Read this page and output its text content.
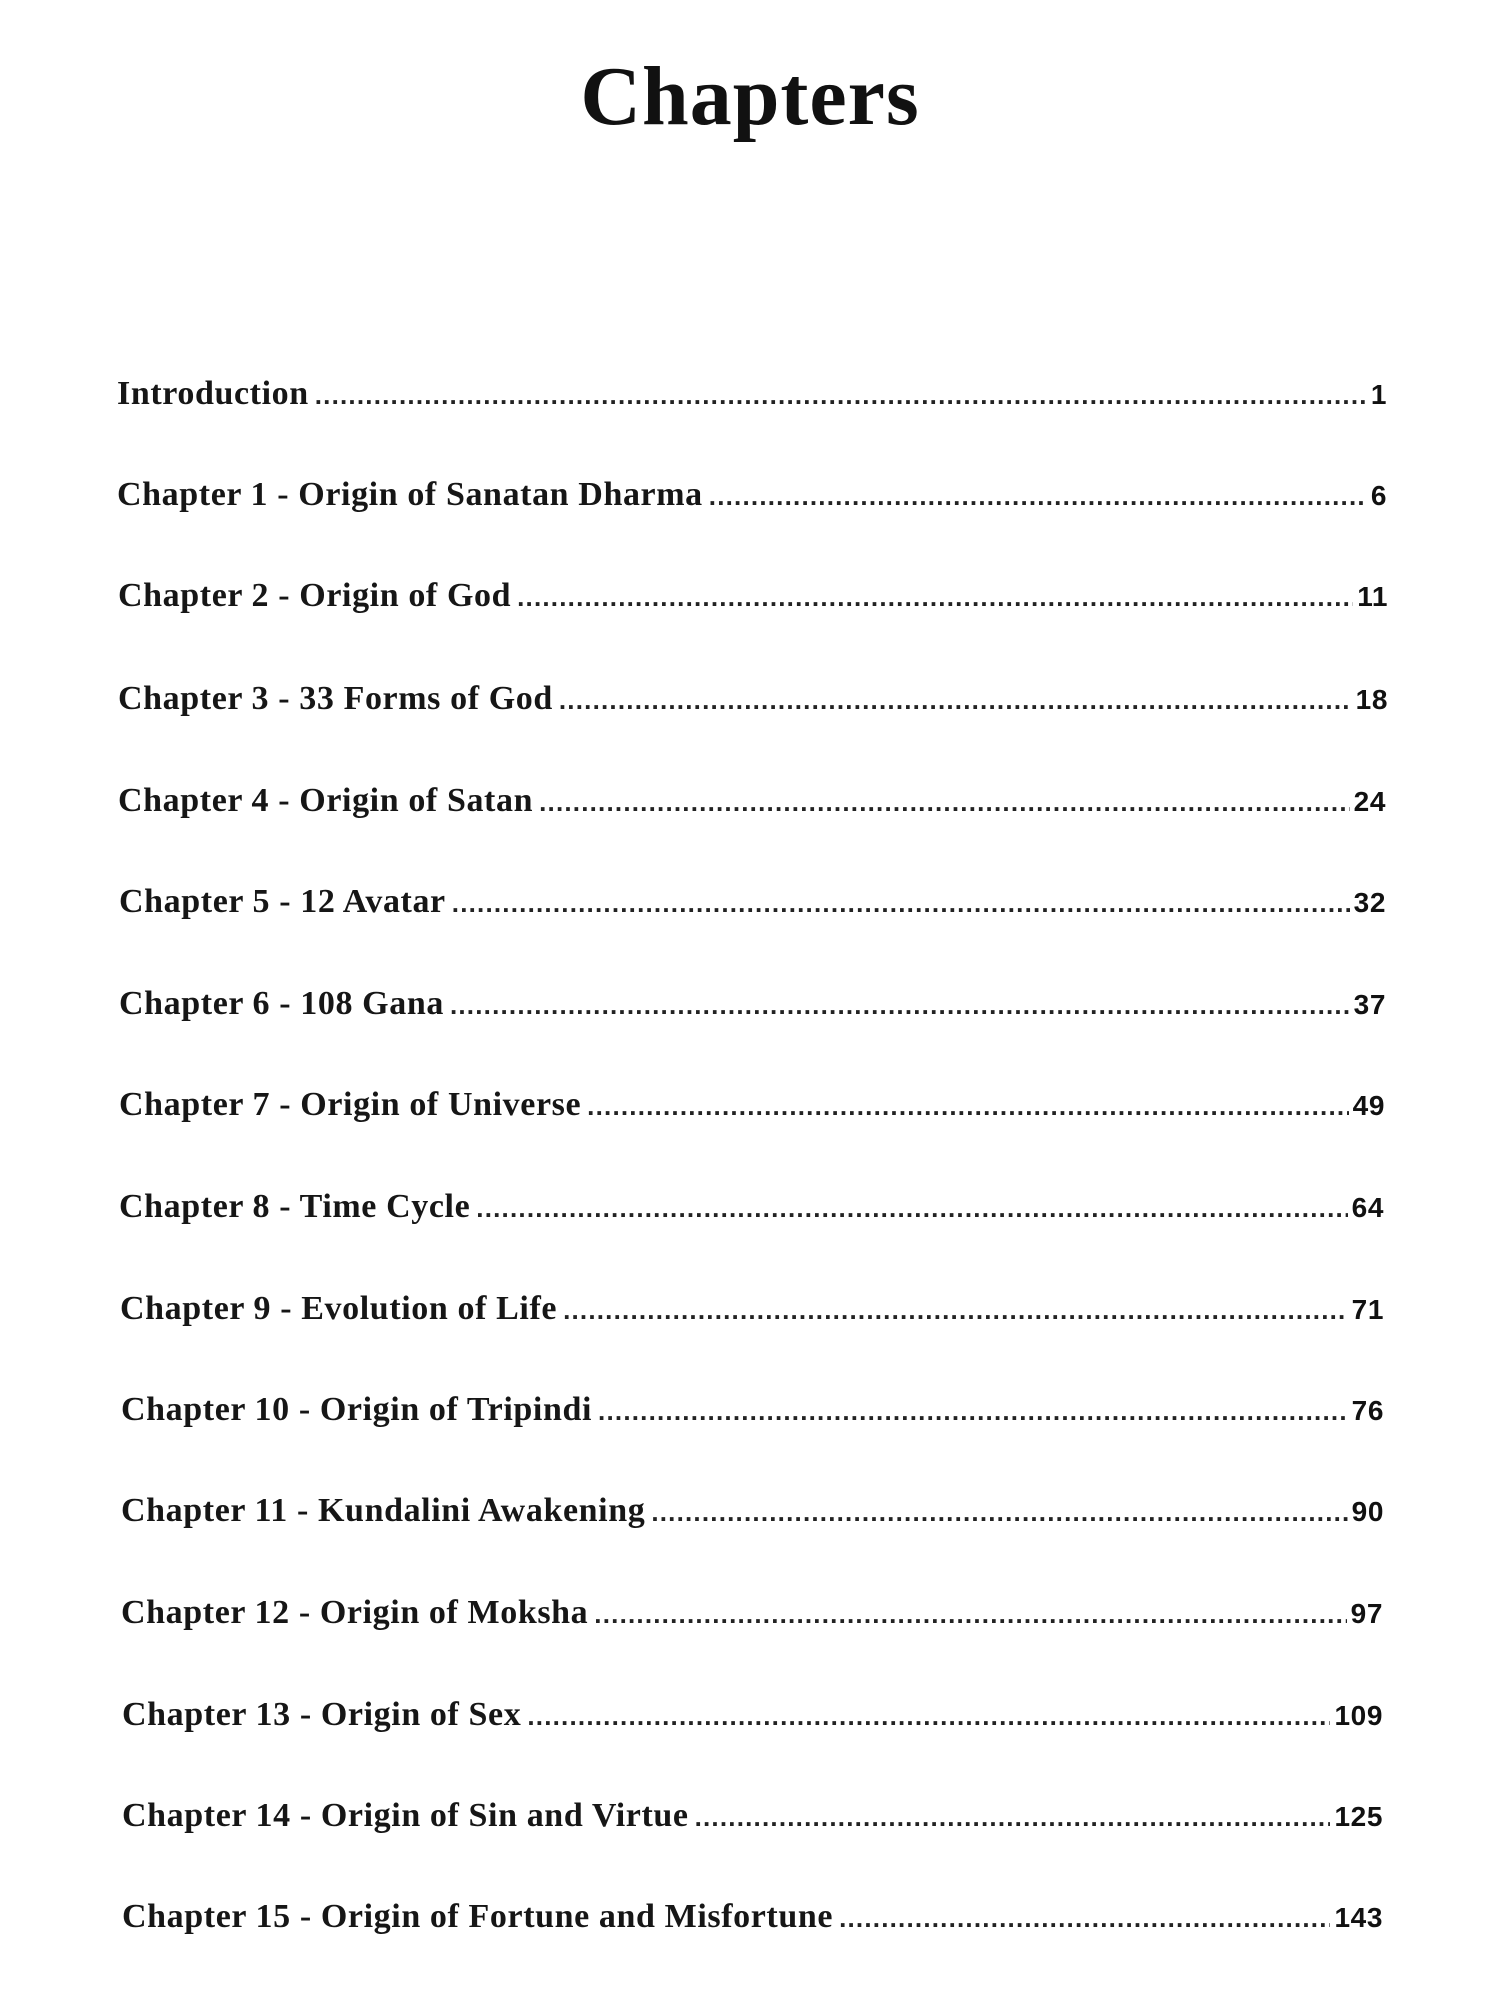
Chapters
Introduction .....	1
Chapter 1 - Origin of Sanatan Dharma .....	6
Chapter 2 - Origin of God .....	11
Chapter 3 - 33 Forms of God .....	18
Chapter 4 - Origin of Satan .....	24
Chapter 5 - 12 Avatar .....	32
Chapter 6 - 108 Gana .....	37
Chapter 7 - Origin of Universe .....	49
Chapter 8 - Time Cycle .....	64
Chapter 9 - Evolution of Life .....	71
Chapter 10 - Origin of Tripindi .....	76
Chapter 11 - Kundalini Awakening .....	90
Chapter 12 - Origin of Moksha .....	97
Chapter 13 - Origin of Sex .....	109
Chapter 14 - Origin of Sin and Virtue .....	125
Chapter 15 - Origin of Fortune and Misfortune .....	143
